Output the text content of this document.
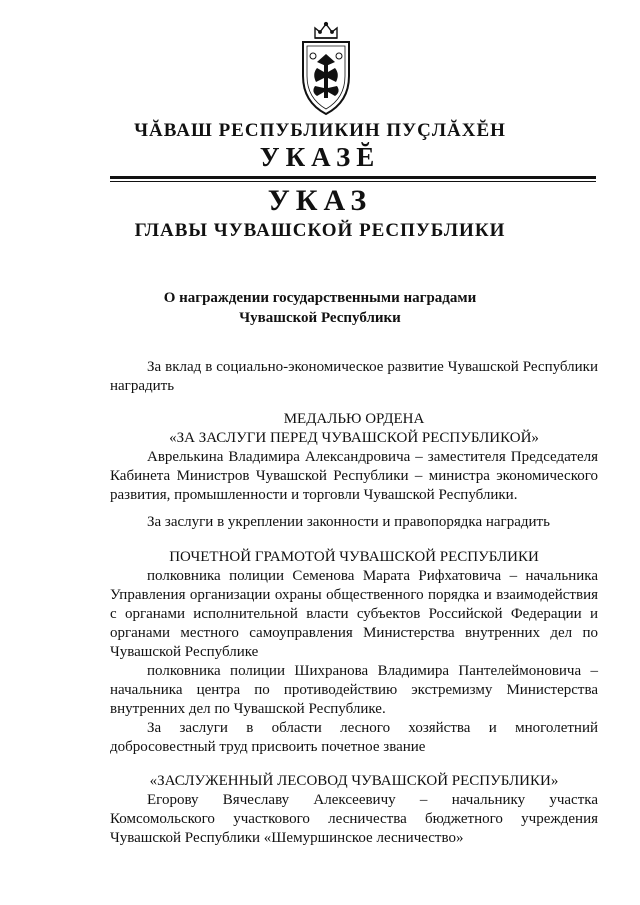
ЧĂВАШ РЕСПУБЛИКИН ПУÇЛĂХĔН
УКАЗĔ
УКАЗ
ГЛАВЫ ЧУВАШСКОЙ РЕСПУБЛИКИ
О награждении государственными наградами
Чувашской Республики

За вклад в социально-экономическое развитие Чувашской Республики наградить

МЕДАЛЬЮ ОРДЕНА

«ЗА ЗАСЛУГИ ПЕРЕД ЧУВАШСКОЙ РЕСПУБЛИКОЙ»

Аврелькина Владимира Александровича – заместителя Председателя Кабинета Министров Чувашской Республики – министра экономического развития, промышленности и торговли Чувашской Республики.

За заслуги в укреплении законности и правопорядка наградить

ПОЧЕТНОЙ ГРАМОТОЙ ЧУВАШСКОЙ РЕСПУБЛИКИ

полковника полиции Семенова Марата Рифхатовича – начальника Управления организации охраны общественного порядка и взаимодействия с органами исполнительной власти субъектов Российской Федерации и органами местного самоуправления Министерства внутренних дел по Чувашской Республике

полковника полиции Шихранова Владимира Пантелеймоновича – начальника центра по противодействию экстремизму Министерства внутренних дел по Чувашской Республике.

За заслуги в области лесного хозяйства и многолетний добросовестный труд присвоить почетное звание

«ЗАСЛУЖЕННЫЙ ЛЕСОВОД ЧУВАШСКОЙ РЕСПУБЛИКИ»

Егорову Вячеславу Алексеевичу – начальнику участка Комсомольского участкового лесничества бюджетного учреждения Чувашской Республики «Шемуршинское лесничество»
